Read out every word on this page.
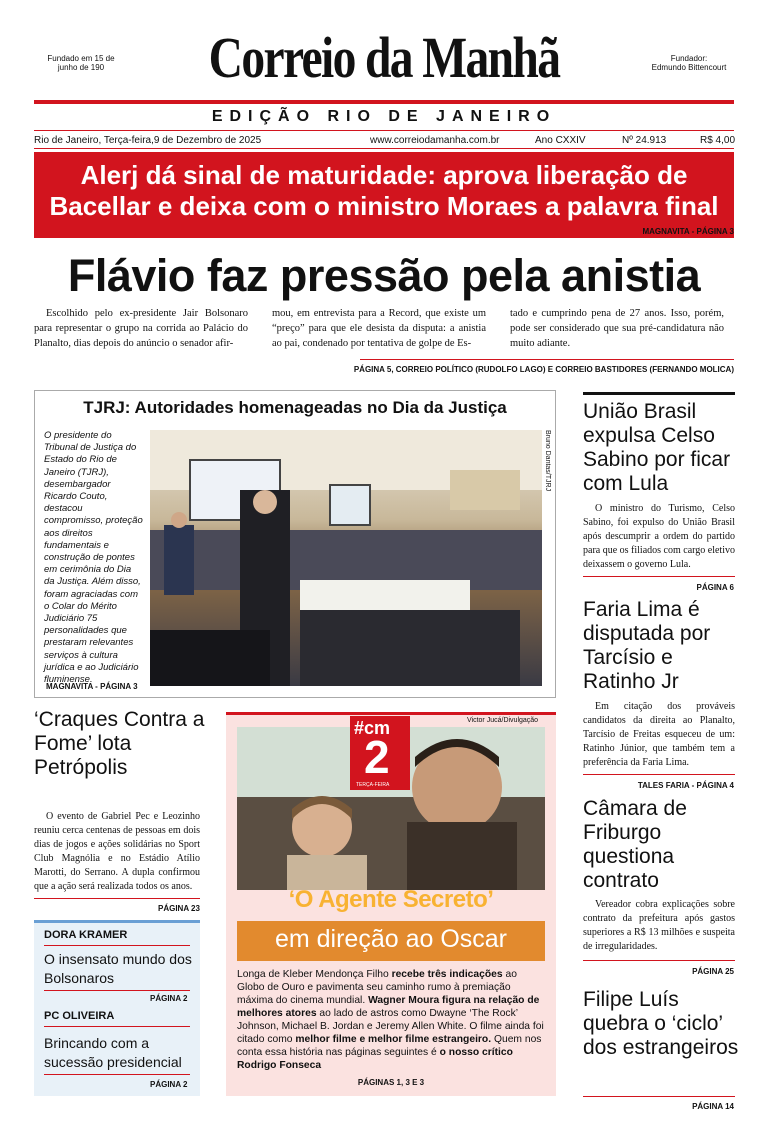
Fundado em 15 de junho de 190	Correio da Manhã	Fundador:
Edmundo Bittencourt
EDIÇÃO RIO DE JANEIRO
Rio de Janeiro, Terça-feira,9 de Dezembro de 2025	www.correiodamanha.com.br	Ano CXXIV	Nº 24.913	R$ 4,00
Alerj dá sinal de maturidade: aprova liberação de Bacellar e deixa com o ministro Moraes a palavra final
MAGNAVITA - PÁGINA 3
Flávio faz pressão pela anistia
Escolhido pelo ex-presidente Jair Bolsonaro para representar o grupo na corrida ao Palácio do Planalto, dias depois do anúncio o senador afir-
mou, em entrevista para a Record, que existe um “preço” para que ele desista da disputa: a anistia ao pai, condenado por tentativa de golpe de Es-
tado e cumprindo pena de 27 anos. Isso, porém, pode ser considerado que sua pré-candidatura não muito adiante.
PÁGINA 5, CORREIO POLÍTICO (RUDOLFO LAGO) E CORREIO BASTIDORES (FERNANDO MOLICA)
TJRJ: Autoridades homenageadas no Dia da Justiça
O presidente do Tribunal de Justiça do Estado do Rio de Janeiro (TJRJ), desembargador Ricardo Couto, destacou compromisso, proteção aos direitos fundamentais e construção de pontes em cerimônia do Dia da Justiça. Além disso, foram agraciadas com o Colar do Mérito Judiciário 75 personalidades que prestaram relevantes serviços à cultura jurídica e ao Judiciário fluminense.
Bruno Dantas/TJRJ
MAGNAVITA - PÁGINA 3
União Brasil expulsa Celso Sabino por ficar com Lula
O ministro do Turismo, Celso Sabino, foi expulso do União Brasil após descumprir a ordem do partido para que os filiados com cargo eletivo deixassem o governo Lula.
PÁGINA 6
Faria Lima é disputada por Tarcísio e Ratinho Jr
Em citação dos prováveis candidatos da direita ao Planalto, Tarcísio de Freitas esqueceu de um: Ratinho Júnior, que também tem a preferência da Faria Lima.
TALES FARIA - PÁGINA 4
Câmara de Friburgo questiona contrato
Vereador cobra explicações sobre contrato da prefeitura após gastos superiores a R$ 13 milhões e suspeita de irregularidades.
PÁGINA 25
Filipe Luís quebra o ‘ciclo’ dos estrangeiros
PÁGINA 14
‘Craques Contra a Fome’ lota Petrópolis
O evento de Gabriel Pec e Leozinho reuniu cerca centenas de pessoas em dois dias de jogos e ações solidárias no Sport Club Magnólia e no Estádio Atílio Marotti, do Serrano. A dupla confirmou que a ação será realizada todos os anos.
PÁGINA 23
DORA KRAMER
O insensato mundo dos Bolsonaros
PÁGINA 2
PC OLIVEIRA
Brincando com a sucessão presidencial
PÁGINA 2
#cm
2
TERÇA-FEIRA
Victor Jucá/Divulgação
‘O Agente Secreto’
em direção ao Oscar
Longa de Kleber Mendonça Filho recebe três indicações ao Globo de Ouro e pavimenta seu caminho rumo à premiação máxima do cinema mundial. Wagner Moura figura na relação de melhores atores ao lado de astros como Dwayne ‘The Rock’ Johnson, Michael B. Jordan e Jeremy Allen White. O filme ainda foi citado como melhor filme e melhor filme estrangeiro. Quem nos conta essa história nas páginas seguintes é o nosso crítico Rodrigo Fonseca
PÁGINAS 1, 3 E 3
